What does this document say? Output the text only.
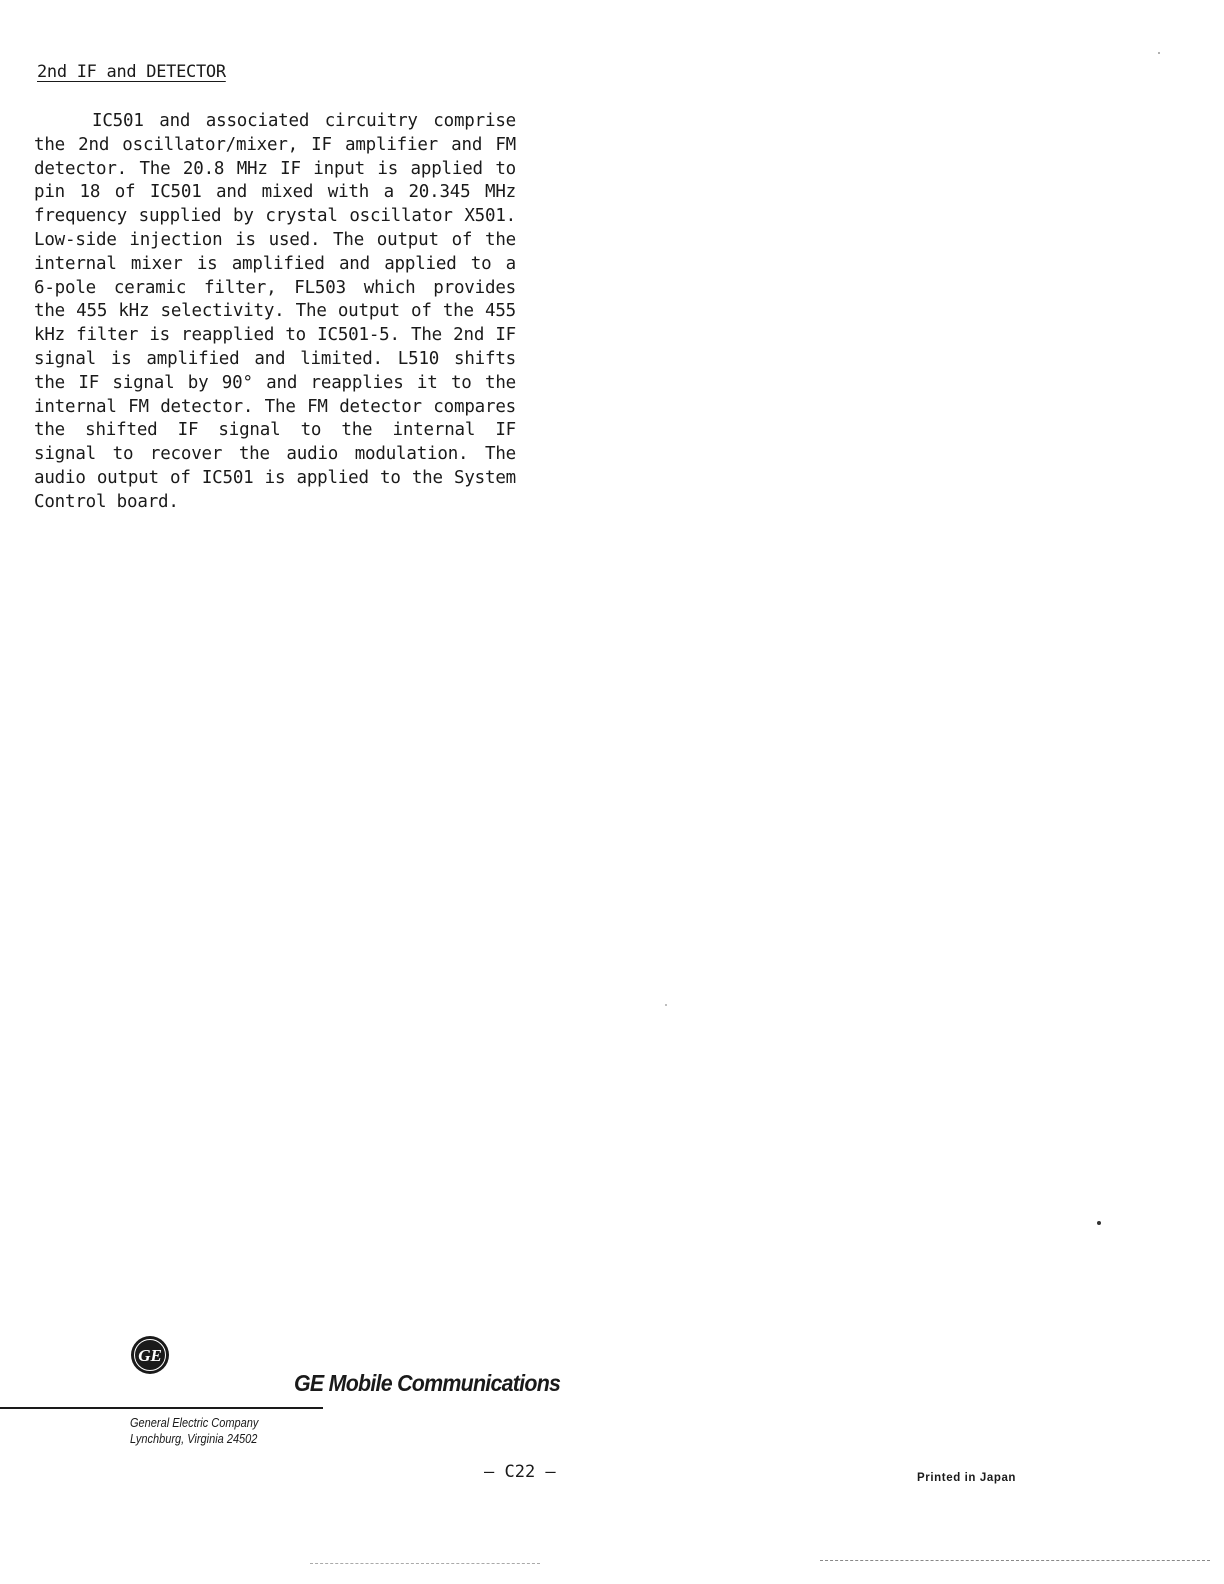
2nd IF and DETECTOR

IC501 and associated circuitry comprise the 2nd oscillator/mixer, IF amplifier and FM detector. The 20.8 MHz IF input is applied to pin 18 of IC501 and mixed with a 20.345 MHz frequency supplied by crystal oscillator X501. Low-side injection is used. The output of the internal mixer is amplified and applied to a 6-pole ceramic filter, FL503 which provides the 455 kHz selectivity. The output of the 455 kHz filter is reapplied to IC501-5. The 2nd IF signal is amplified and limited. L510 shifts the IF signal by 90° and reapplies it to the internal FM detector. The FM detector compares the shifted IF signal to the internal IF signal to recover the audio modulation. The audio output of IC501 is applied to the System Control board.

GE
GE Mobile Communications
General Electric Company
Lynchburg, Virginia 24502
– C22 –	Printed in Japan
